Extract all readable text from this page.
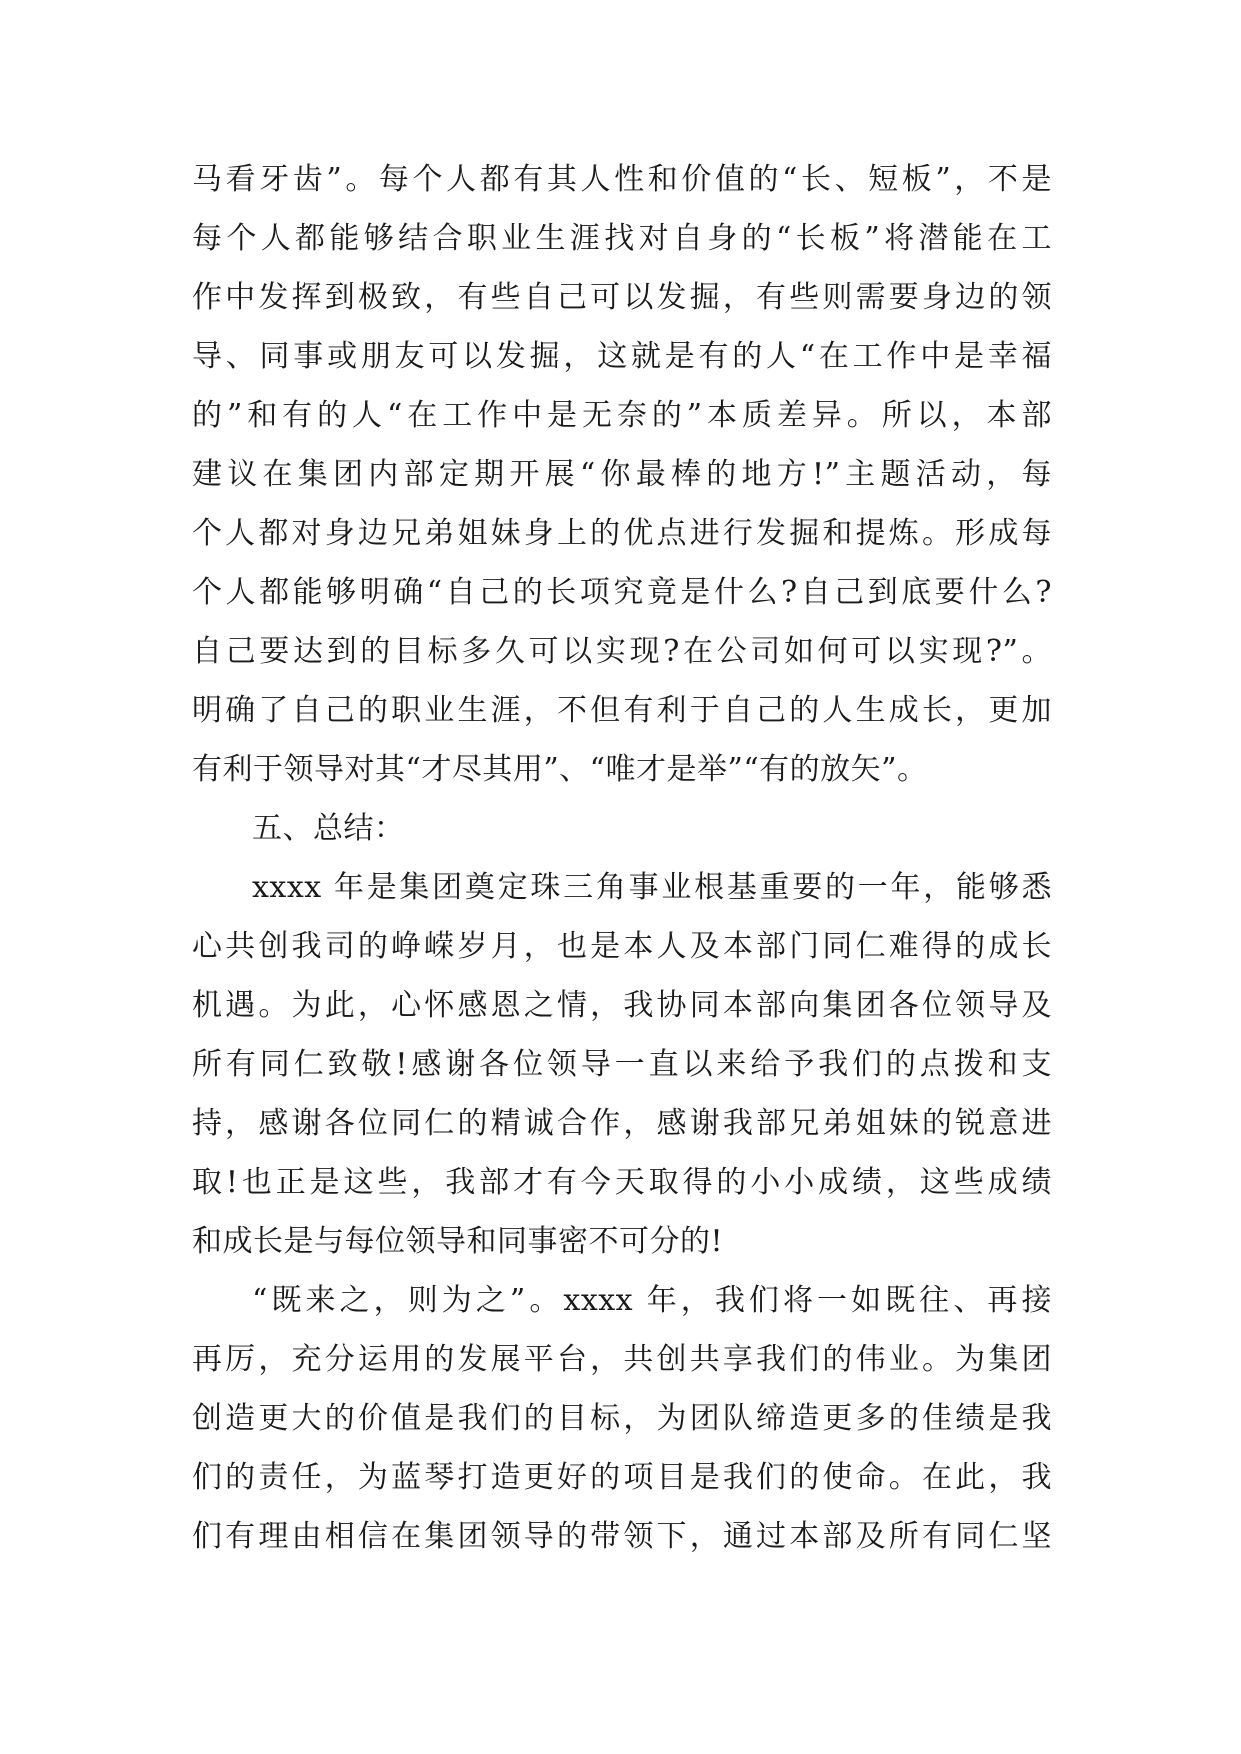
马看牙齿”。每个人都有其人性和价值的“长、短板”，不是
每个人都能够结合职业生涯找对自身的“长板”将潜能在工
作中发挥到极致，有些自己可以发掘，有些则需要身边的领
导、同事或朋友可以发掘，这就是有的人“在工作中是幸福
的”和有的人“在工作中是无奈的”本质差异。所以，本部
建议在集团内部定期开展“你最棒的地方!”主题活动，每
个人都对身边兄弟姐妹身上的优点进行发掘和提炼。形成每
个人都能够明确“自己的长项究竟是什么?自己到底要什么?
自己要达到的目标多久可以实现?在公司如何可以实现?”。
明确了自己的职业生涯，不但有利于自己的人生成长，更加
有利于领导对其“才尽其用”、“唯才是举”“有的放矢”。
五、总结：
xxxx 年是集团奠定珠三角事业根基重要的一年，能够悉
心共创我司的峥嵘岁月，也是本人及本部门同仁难得的成长
机遇。为此，心怀感恩之情，我协同本部向集团各位领导及
所有同仁致敬!感谢各位领导一直以来给予我们的点拨和支
持，感谢各位同仁的精诚合作，感谢我部兄弟姐妹的锐意进
取!也正是这些，我部才有今天取得的小小成绩，这些成绩
和成长是与每位领导和同事密不可分的!
“既来之，则为之”。xxxx 年，我们将一如既往、再接
再厉，充分运用的发展平台，共创共享我们的伟业。为集团
创造更大的价值是我们的目标，为团队缔造更多的佳绩是我
们的责任，为蓝琴打造更好的项目是我们的使命。在此，我
们有理由相信在集团领导的带领下，通过本部及所有同仁坚
